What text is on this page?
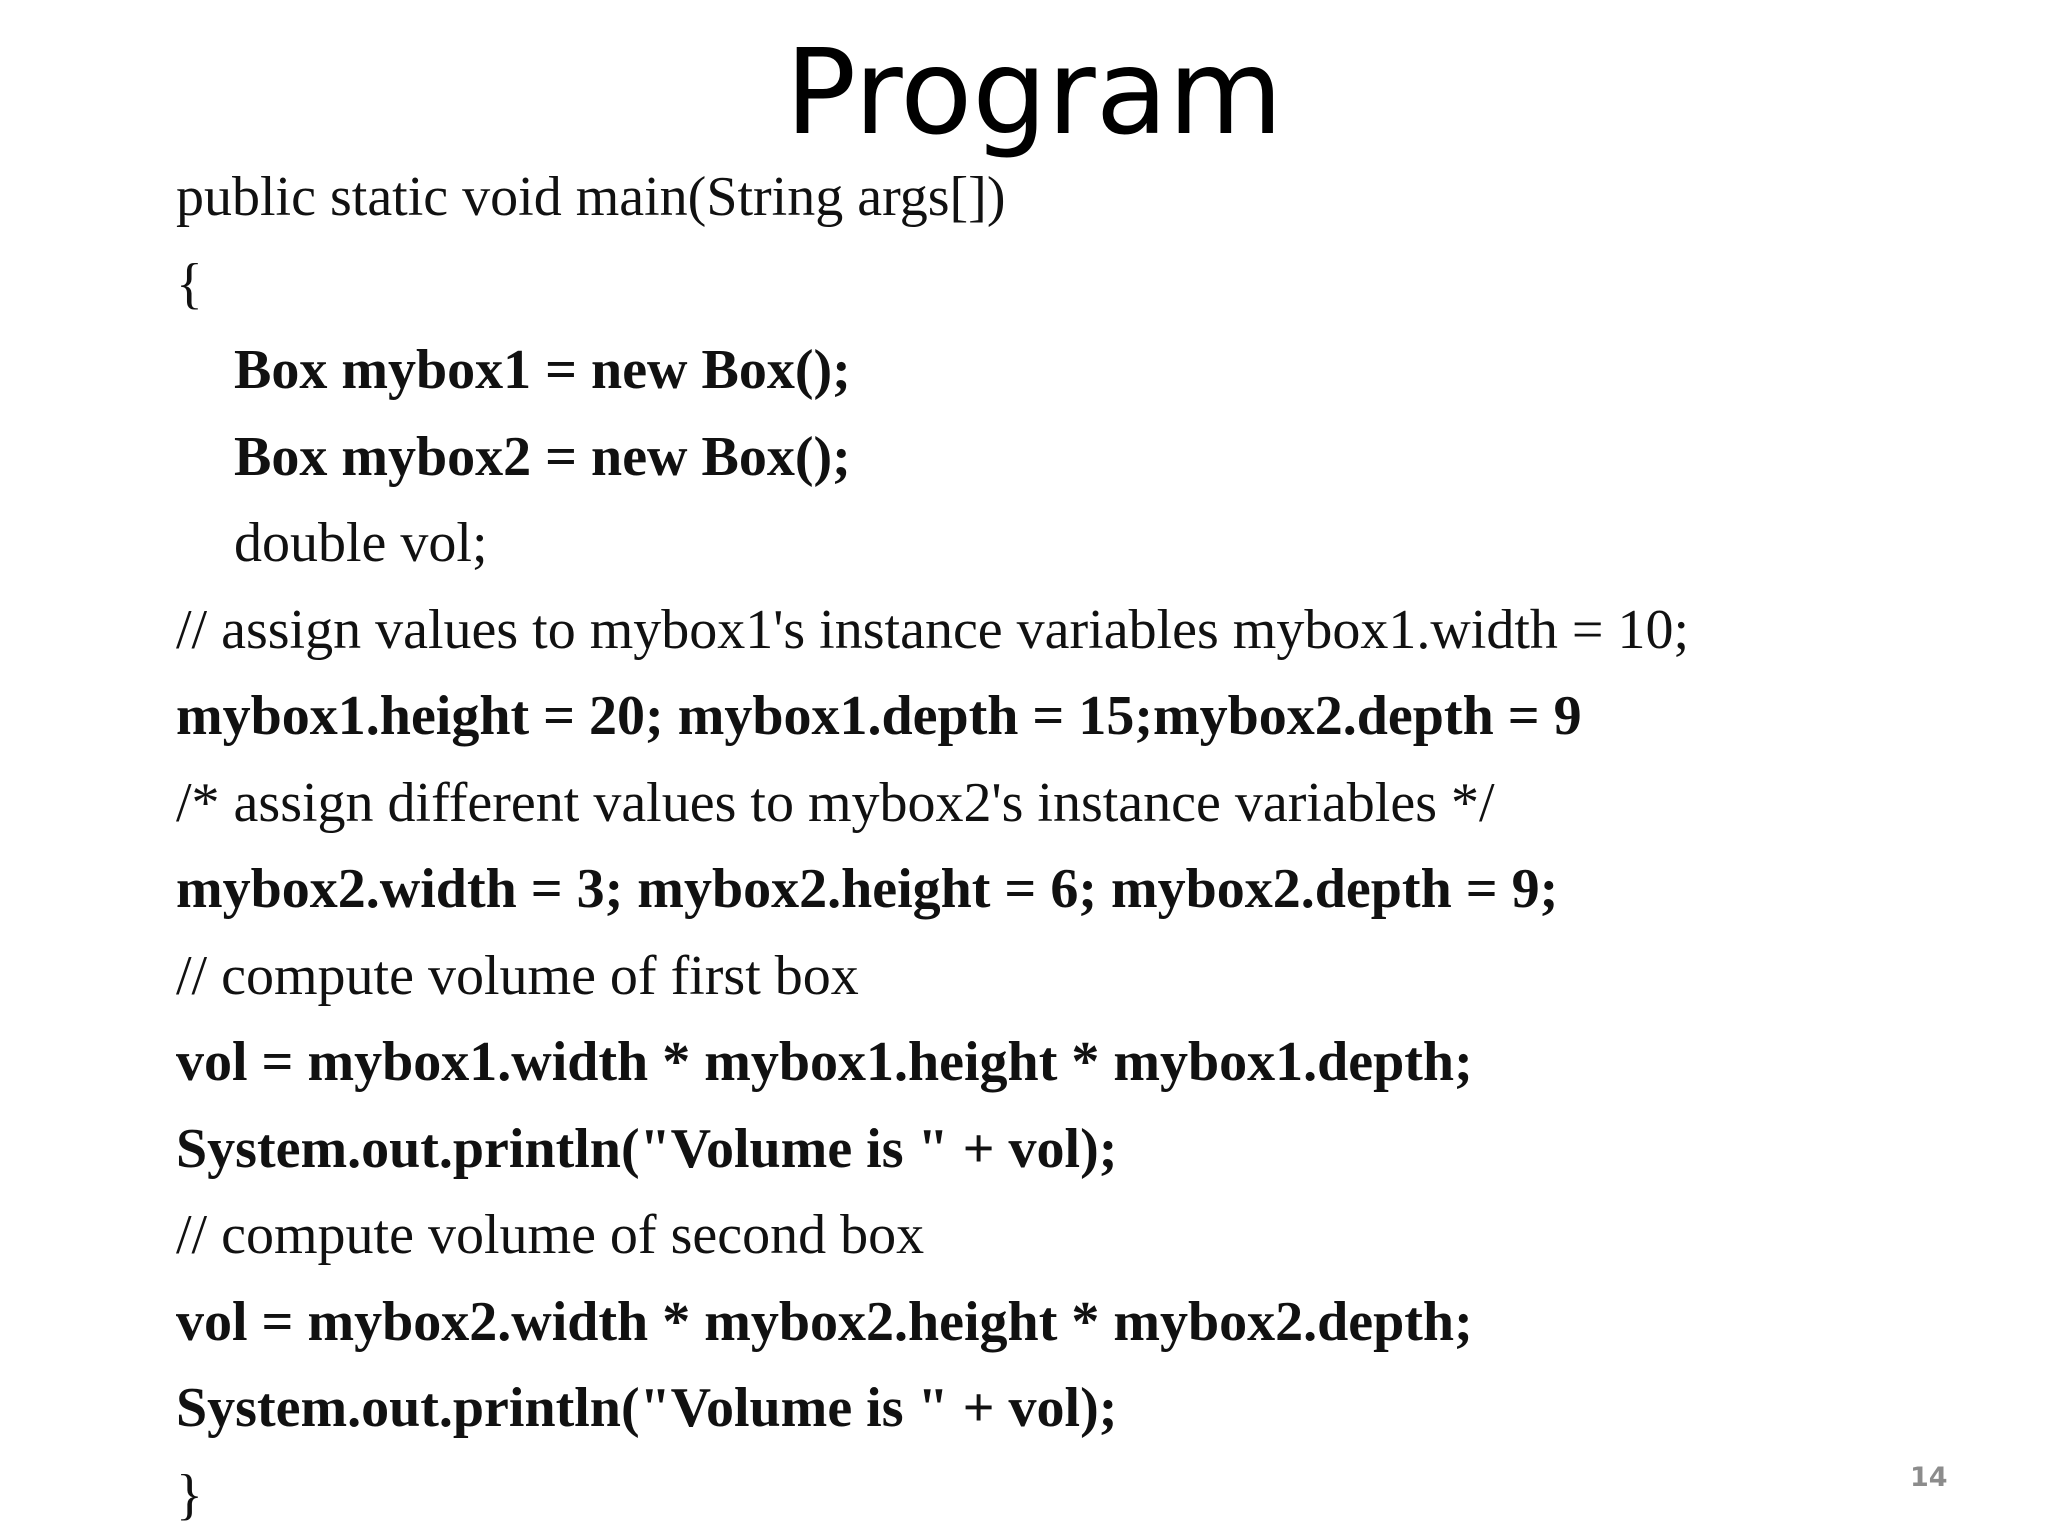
Program
public static void main(String args[])
{
Box mybox1 = new Box();
Box mybox2 = new Box();
double vol;
// assign values to mybox1's instance variables mybox1.width = 10;
mybox1.height = 20; mybox1.depth = 15;mybox2.depth = 9
/* assign different values to mybox2's instance variables */
mybox2.width = 3; mybox2.height = 6; mybox2.depth = 9;
// compute volume of first box
vol = mybox1.width * mybox1.height * mybox1.depth;
System.out.println("Volume is " + vol);
// compute volume of second box
vol = mybox2.width * mybox2.height * mybox2.depth;
System.out.println("Volume is " + vol);
}	14
